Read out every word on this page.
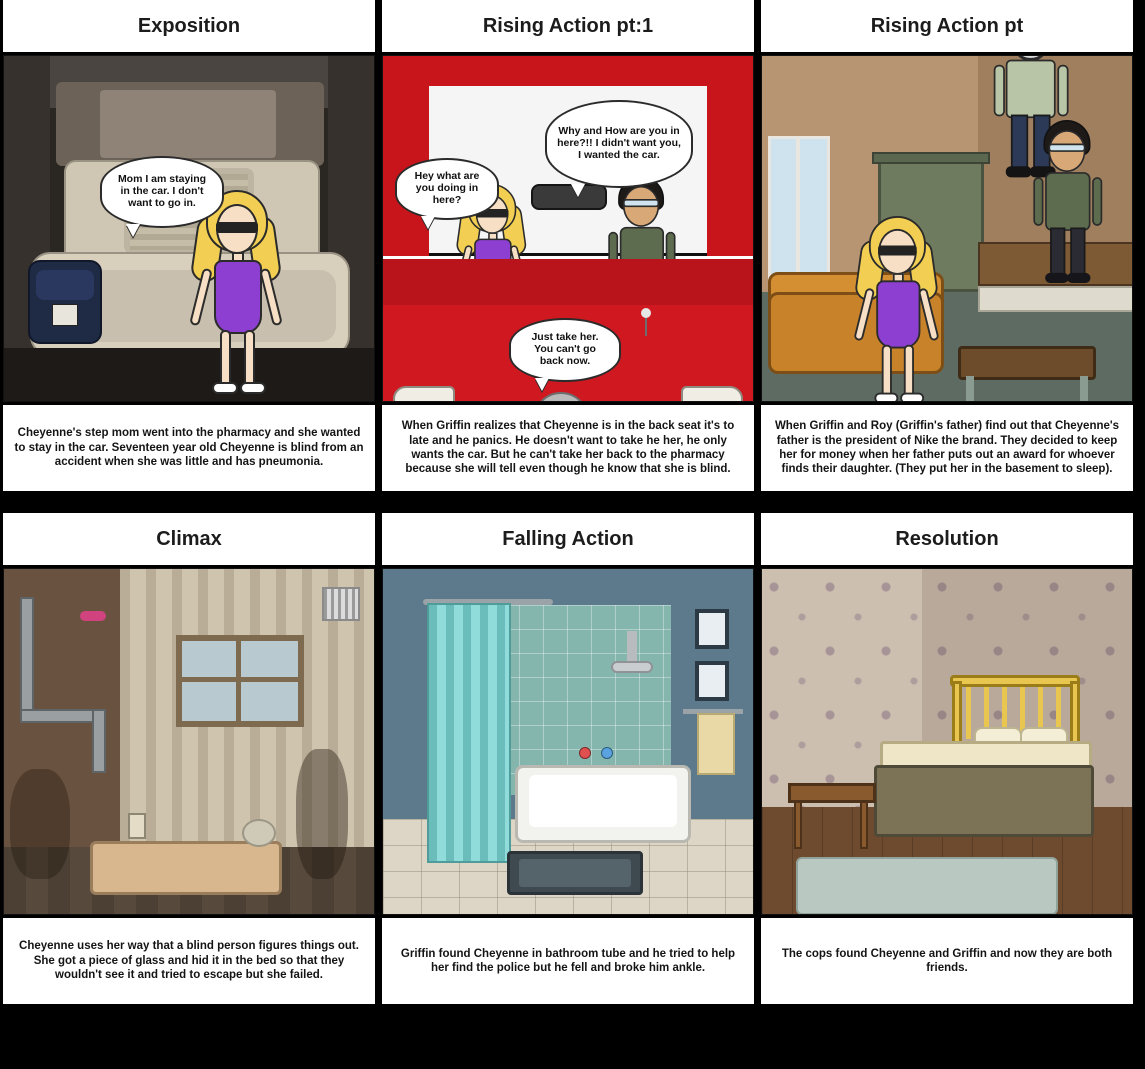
Exposition
Mom I am staying in the car. I don't want to go in.
Cheyenne's step mom went into the pharmacy and she wanted to stay in the car. Seventeen year old Cheyenne is blind from an accident when she was little and has pneumonia.
Rising Action pt:1
Hey what are you doing in here?
Why and How are you in here?!! I didn't want you, I wanted the car.
Just take her. You can't go back now.
When Griffin realizes that Cheyenne is in the back seat it's to late and he panics. He doesn't want to take he her, he only wants the car. But he can't take her back to the pharmacy because she will tell even though he know that she is blind.
Rising Action pt
When Griffin and Roy (Griffin's father) find out that Cheyenne's father is the president of Nike the brand. They decided to keep her for money when her father puts out an award for whoever finds their daughter. (They put her in the basement to sleep).
Climax
Cheyenne uses her way that a blind person figures things out. She got a piece of glass and hid it in the bed so that they wouldn't see it and tried to escape but she failed.
Falling Action
Griffin found Cheyenne in bathroom tube and he tried to help her find the police but he fell and broke him ankle.
Resolution
The cops found Cheyenne and Griffin and now they are both friends.
